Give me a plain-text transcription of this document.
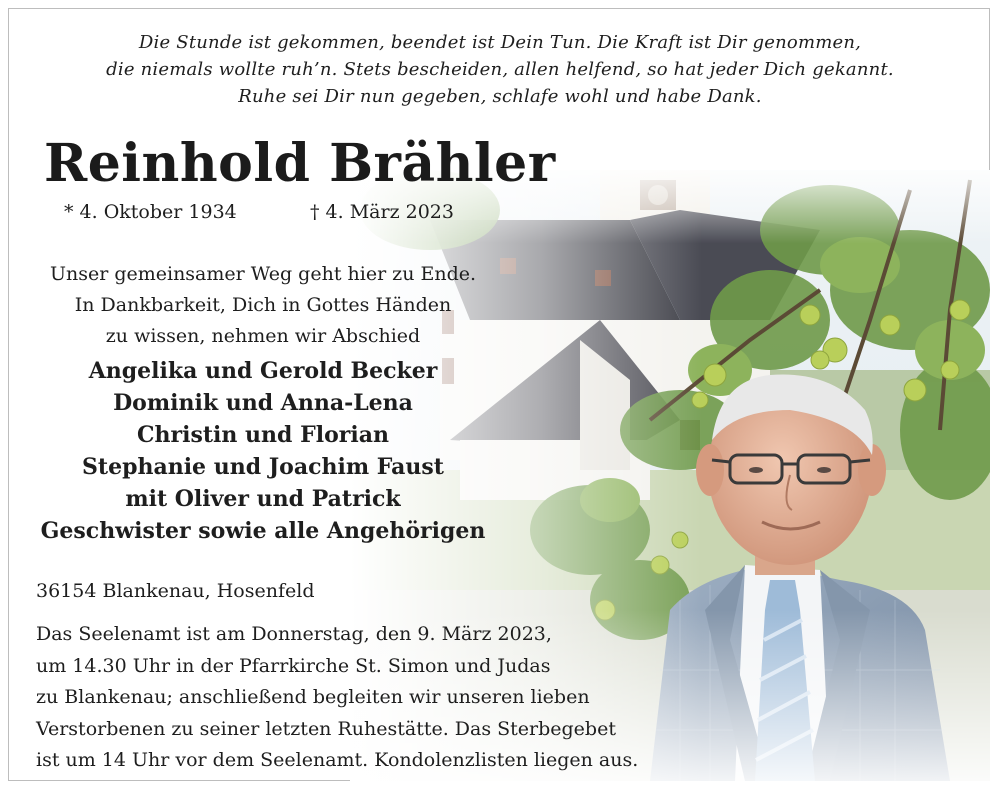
Die Stunde ist gekommen, beendet ist Dein Tun. Die Kraft ist Dir genommen,
die niemals wollte ruh’n. Stets bescheiden, allen helfend, so hat jeder Dich gekannt.
Ruhe sei Dir nun gegeben, schlafe wohl und habe Dank.
Reinhold Brähler
* 4. Oktober 1934	† 4. März 2023
Unser gemeinsamer Weg geht hier zu Ende.
In Dankbarkeit, Dich in Gottes Händen
zu wissen, nehmen wir Abschied
Angelika und Gerold Becker
Dominik und Anna-Lena
Christin und Florian
Stephanie und Joachim Faust
mit Oliver und Patrick
Geschwister sowie alle Angehörigen
36154 Blankenau, Hosenfeld
Das Seelenamt ist am Donnerstag, den 9. März 2023,
um 14.30 Uhr in der Pfarrkirche St. Simon und Judas
zu Blankenau; anschließend begleiten wir unseren lieben
Verstorbenen zu seiner letzten Ruhestätte. Das Sterbegebet
ist um 14 Uhr vor dem Seelenamt. Kondolenzlisten liegen aus.
